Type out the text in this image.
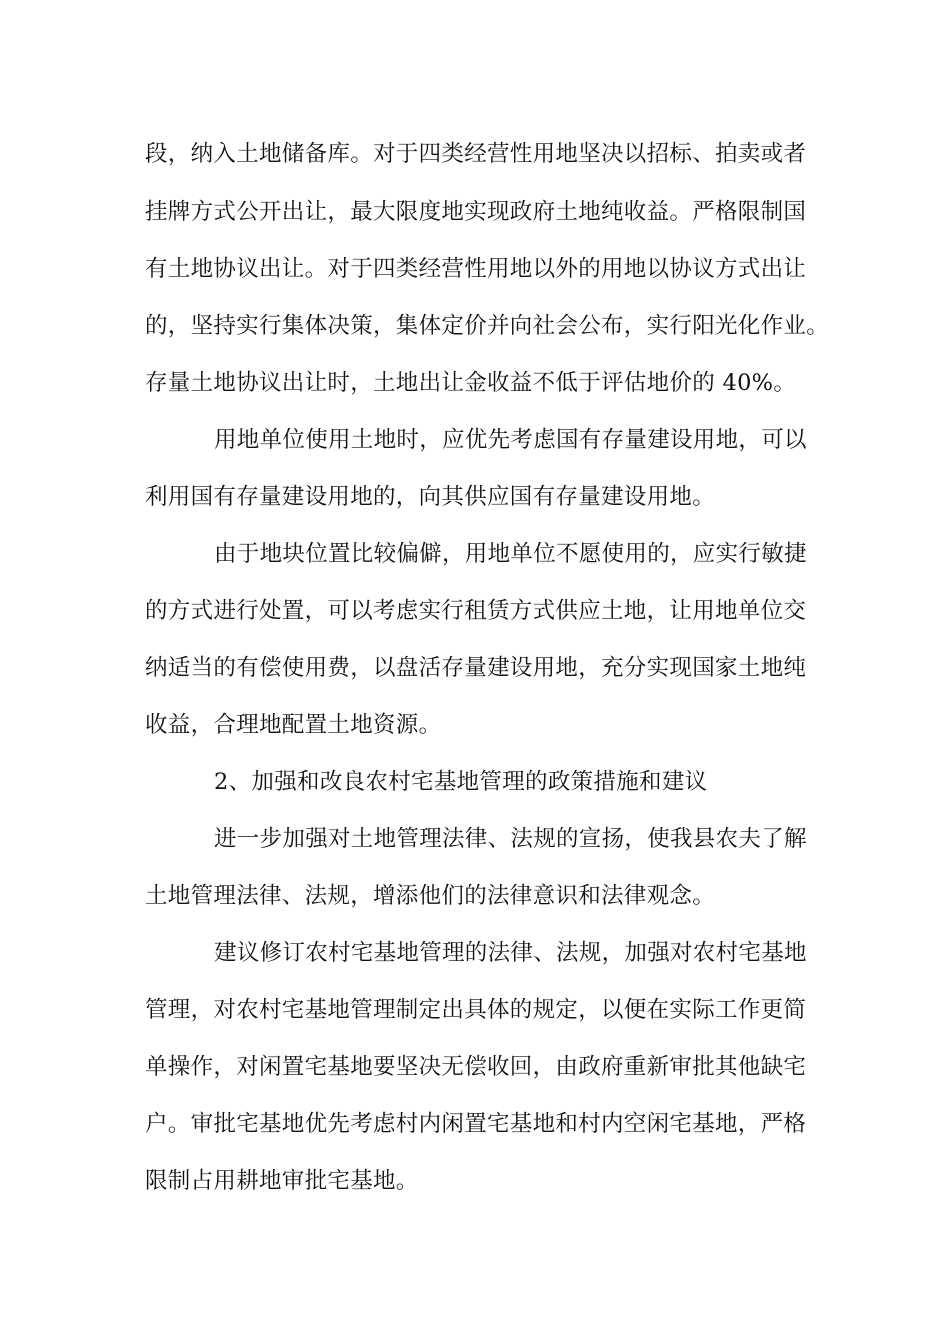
段，纳入土地储备库。对于四类经营性用地坚决以招标、拍卖或者
挂牌方式公开出让，最大限度地实现政府土地纯收益。严格限制国
有土地协议出让。对于四类经营性用地以外的用地以协议方式出让
的，坚持实行集体决策，集体定价并向社会公布，实行阳光化作业。
存量土地协议出让时，土地出让金收益不低于评估地价的 40%。
用地单位使用土地时，应优先考虑国有存量建设用地，可以
利用国有存量建设用地的，向其供应国有存量建设用地。
由于地块位置比较偏僻，用地单位不愿使用的，应实行敏捷
的方式进行处置，可以考虑实行租赁方式供应土地，让用地单位交
纳适当的有偿使用费，以盘活存量建设用地，充分实现国家土地纯
收益，合理地配置土地资源。
2、加强和改良农村宅基地管理的政策措施和建议
进一步加强对土地管理法律、法规的宣扬，使我县农夫了解
土地管理法律、法规，增添他们的法律意识和法律观念。
建议修订农村宅基地管理的法律、法规，加强对农村宅基地
管理，对农村宅基地管理制定出具体的规定，以便在实际工作更简
单操作，对闲置宅基地要坚决无偿收回，由政府重新审批其他缺宅
户。审批宅基地优先考虑村内闲置宅基地和村内空闲宅基地，严格
限制占用耕地审批宅基地。
